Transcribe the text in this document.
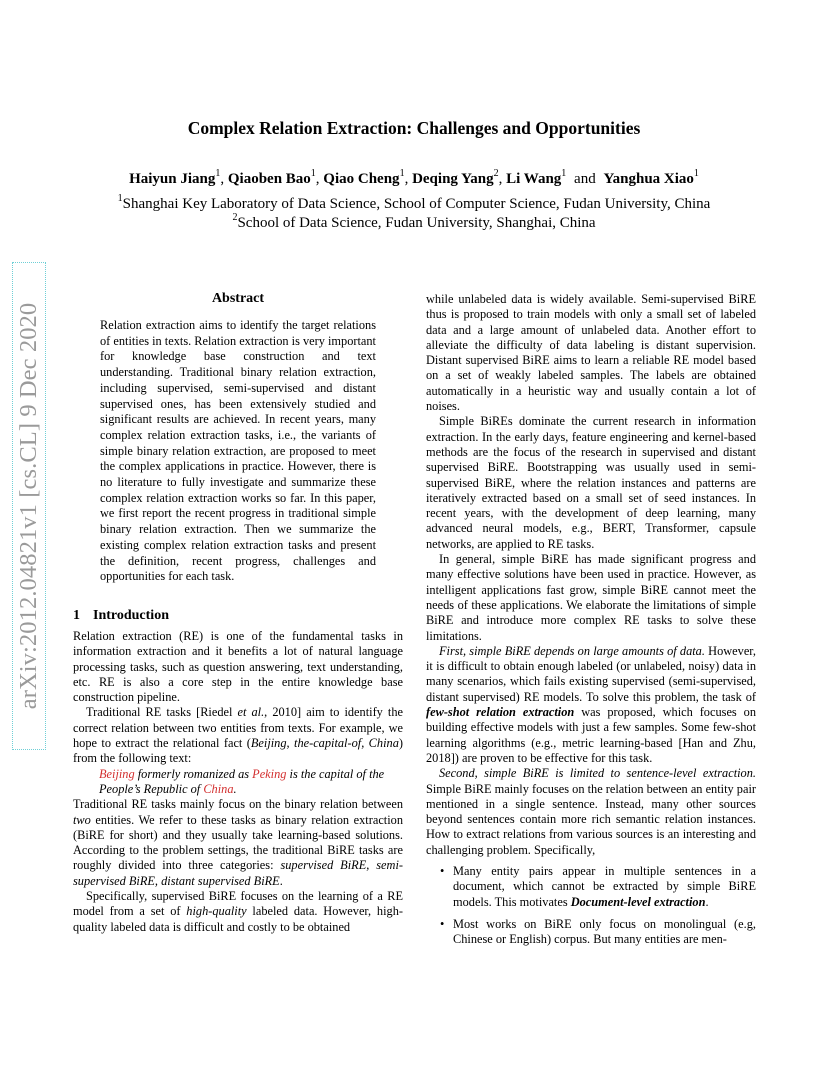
Complex Relation Extraction: Challenges and Opportunities
Haiyun Jiang$^1$, Qiaoben Bao$^1$, Qiao Cheng$^1$, Deqing Yang$^2$, Li Wang$^1$ and Yanghua Xiao$^1$
$^1$Shanghai Key Laboratory of Data Science, School of Computer Science, Fudan University, China
$^2$School of Data Science, Fudan University, Shanghai, China
arXiv:2012.04821v1 [cs.CL] 9 Dec 2020
Abstract
Relation extraction aims to identify the target relations of entities in texts. Relation extraction is very important for knowledge base construction and text understanding. Traditional binary relation extraction, including supervised, semi-supervised and distant supervised ones, has been extensively studied and significant results are achieved. In recent years, many complex relation extraction tasks, i.e., the variants of simple binary relation extraction, are proposed to meet the complex applications in practice. However, there is no literature to fully investigate and summarize these complex relation extraction works so far. In this paper, we first report the recent progress in traditional simple binary relation extraction. Then we summarize the existing complex relation extraction tasks and present the definition, recent progress, challenges and opportunities for each task.
1 Introduction

Relation extraction (RE) is one of the fundamental tasks in information extraction and it benefits a lot of natural language processing tasks, such as question answering, text understanding, etc. RE is also a core step in the entire knowledge base construction pipeline.

Traditional RE tasks [Riedel et al., 2010] aim to identify the correct relation between two entities from texts. For example, we hope to extract the relational fact (Beijing, the-capital-of, China) from the following text:

Beijing formerly romanized as Peking is the capital of the People’s Republic of China.

Traditional RE tasks mainly focus on the binary relation between two entities. We refer to these tasks as binary relation extraction (BiRE for short) and they usually take learning-based solutions. According to the problem settings, the traditional BiRE tasks are roughly divided into three categories: supervised BiRE, semi-supervised BiRE, distant supervised BiRE.

Specifically, supervised BiRE focuses on the learning of a RE model from a set of high-quality labeled data. However, high-quality labeled data is difficult and costly to be obtained

while unlabeled data is widely available. Semi-supervised BiRE thus is proposed to train models with only a small set of labeled data and a large amount of unlabeled data. Another effort to alleviate the difficulty of data labeling is distant supervision. Distant supervised BiRE aims to learn a reliable RE model based on a set of weakly labeled samples. The labels are obtained automatically in a heuristic way and usually contain a lot of noises.

Simple BiREs dominate the current research in information extraction. In the early days, feature engineering and kernel-based methods are the focus of the research in supervised and distant supervised BiRE. Bootstrapping was usually used in semi-supervised BiRE, where the relation instances and patterns are iteratively extracted based on a small set of seed instances. In recent years, with the development of deep learning, many advanced neural models, e.g., BERT, Transformer, capsule networks, are applied to RE tasks.

In general, simple BiRE has made significant progress and many effective solutions have been used in practice. However, as intelligent applications fast grow, simple BiRE cannot meet the needs of these applications. We elaborate the limitations of simple BiRE and introduce more complex RE tasks to solve these limitations.

First, simple BiRE depends on large amounts of data. However, it is difficult to obtain enough labeled (or unlabeled, noisy) data in many scenarios, which fails existing supervised (semi-supervised, distant supervised) RE models. To solve this problem, the task of few-shot relation extraction was proposed, which focuses on building effective models with just a few samples. Some few-shot learning algorithms (e.g., metric learning-based [Han and Zhu, 2018]) are proven to be effective for this task.

Second, simple BiRE is limited to sentence-level extraction. Simple BiRE mainly focuses on the relation between an entity pair mentioned in a single sentence. Instead, many other sources beyond sentences contain more rich semantic relation instances. How to extract relations from various sources is an interesting and challenging problem. Specifically,

• Many entity pairs appear in multiple sentences in a document, which cannot be extracted by simple BiRE models. This motivates Document-level extraction.
• Most works on BiRE only focus on monolingual (e.g, Chinese or English) corpus. But many entities are men-
